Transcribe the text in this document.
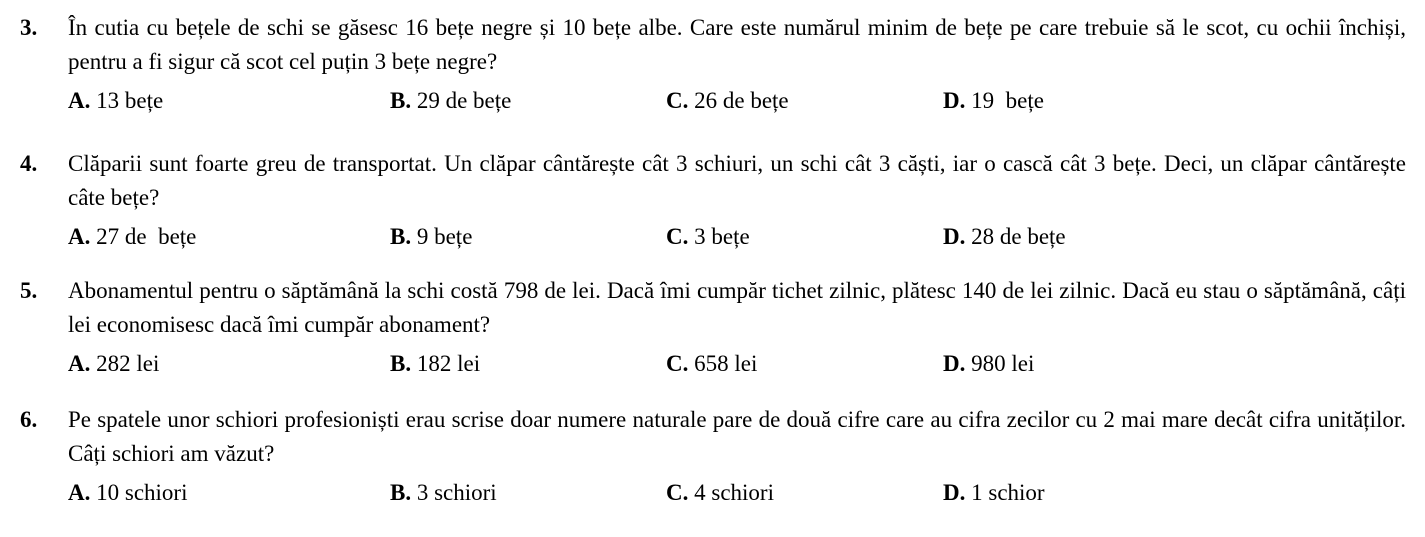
3. În cutia cu bețele de schi se găsesc 16 bețe negre și 10 bețe albe. Care este numărul minim de bețe pe care trebuie să le scot, cu ochii închiși, pentru a fi sigur că scot cel puțin 3 bețe negre?
A. 13 bețe	B. 29 de bețe	C. 26 de bețe	D. 19  bețe
4. Clăparii sunt foarte greu de transportat. Un clăpar cântărește cât 3 schiuri, un schi cât 3 căști, iar o cască cât 3 bețe. Deci, un clăpar cântărește câte bețe?
A. 27 de  bețe	B. 9 bețe	C. 3 bețe	D. 28 de bețe
5. Abonamentul pentru o săptămână la schi costă 798 de lei. Dacă îmi cumpăr tichet zilnic, plătesc 140 de lei zilnic. Dacă eu stau o săptămână, câți lei economisesc dacă îmi cumpăr abonament?
A. 282 lei	B. 182 lei	C. 658 lei	D. 980 lei
6. Pe spatele unor schiori profesioniști erau scrise doar numere naturale pare de două cifre care au cifra zecilor cu 2 mai mare decât cifra unităților. Câți schiori am văzut?
A. 10 schiori	B. 3 schiori	C. 4 schiori	D. 1 schior
